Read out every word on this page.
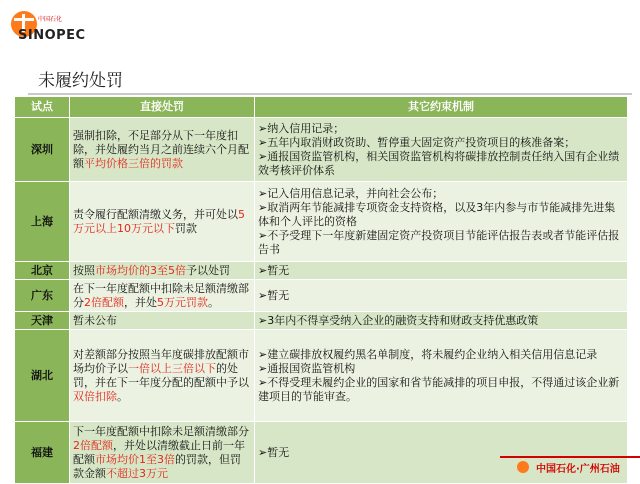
中国石化
SINOPEC
未履约处罚
试点	直接处罚	其它约束机制
深圳	强制扣除，不足部分从下一年度扣除，并处履约当月之前连续六个月配额平均价格三倍的罚款	➢纳入信用记录；
➢五年内取消财政资助、暂停重大固定资产投资项目的核准备案；
➢通报国资监管机构，相关国资监管机构将碳排放控制责任纳入国有企业绩效考核评价体系

上海	责令履行配额清缴义务，并可处以5万元以上10万元以下罚款	➢记入信用信息记录，并向社会公布；
➢取消两年节能减排专项资金支持资格，以及3年内参与市节能减排先进集体和个人评比的资格
➢不予受理下一年度新建固定资产投资项目节能评估报告表或者节能评估报告书

北京	按照市场均价的3至5倍予以处罚	➢暂无

广东	在下一年度配额中扣除未足额清缴部分2倍配额，并处5万元罚款。	➢暂无

天津	暂未公布	➢3年内不得享受纳入企业的融资支持和财政支持优惠政策

湖北	对差额部分按照当年度碳排放配额市场均价予以一倍以上三倍以下的处罚，并在下一年度分配的配额中予以双倍扣除。	➢建立碳排放权履约黑名单制度，将未履约企业纳入相关信用信息记录
➢通报国资监管机构
➢不得受理未履约企业的国家和省节能减排的项目申报，不得通过该企业新建项目的节能审查。

福建	下一年度配额中扣除未足额清缴部分2倍配额，并处以清缴截止日前一年配额市场均价1至3倍的罚款，但罚款金额不超过3万元	➢暂无
中国石化·广州石油
